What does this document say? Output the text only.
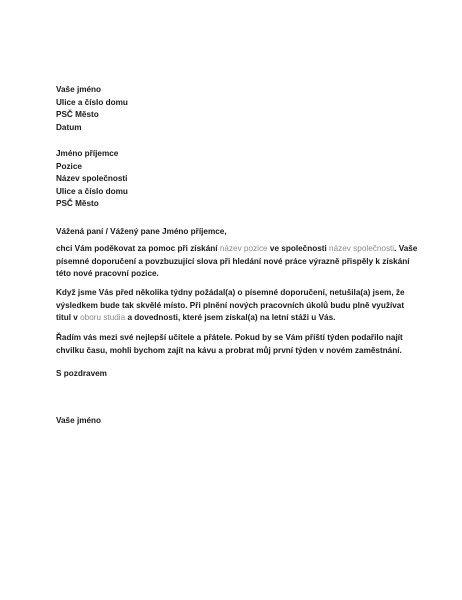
Vaše jméno
Ulice a číslo domu
PSČ Město
Datum
Jméno příjemce
Pozice
Název společnosti
Ulice a číslo domu
PSČ Město
Vážená paní / Vážený pane Jméno příjemce,
chci Vám poděkovat za pomoc při získání název pozice ve společnosti název společnosti. Vaše písemné doporučení a povzbuzující slova při hledání nové práce výrazně přispěly k získání této nové pracovní pozice.
Když jsme Vás před několika týdny požádal(a) o písemné doporučení, netušila(a) jsem, že výsledkem bude tak skvělé místo. Při plnění nových pracovních úkolů budu plně využívat titul v oboru studia a dovednosti, které jsem získal(a) na letní stáži u Vás.
Řadím vás mezi své nejlepší učitele a přátele. Pokud by se Vám příští týden podařilo najít chvilku času, mohli bychom zajít na kávu a probrat můj první týden v novém zaměstnání.
S pozdravem
Vaše jméno
